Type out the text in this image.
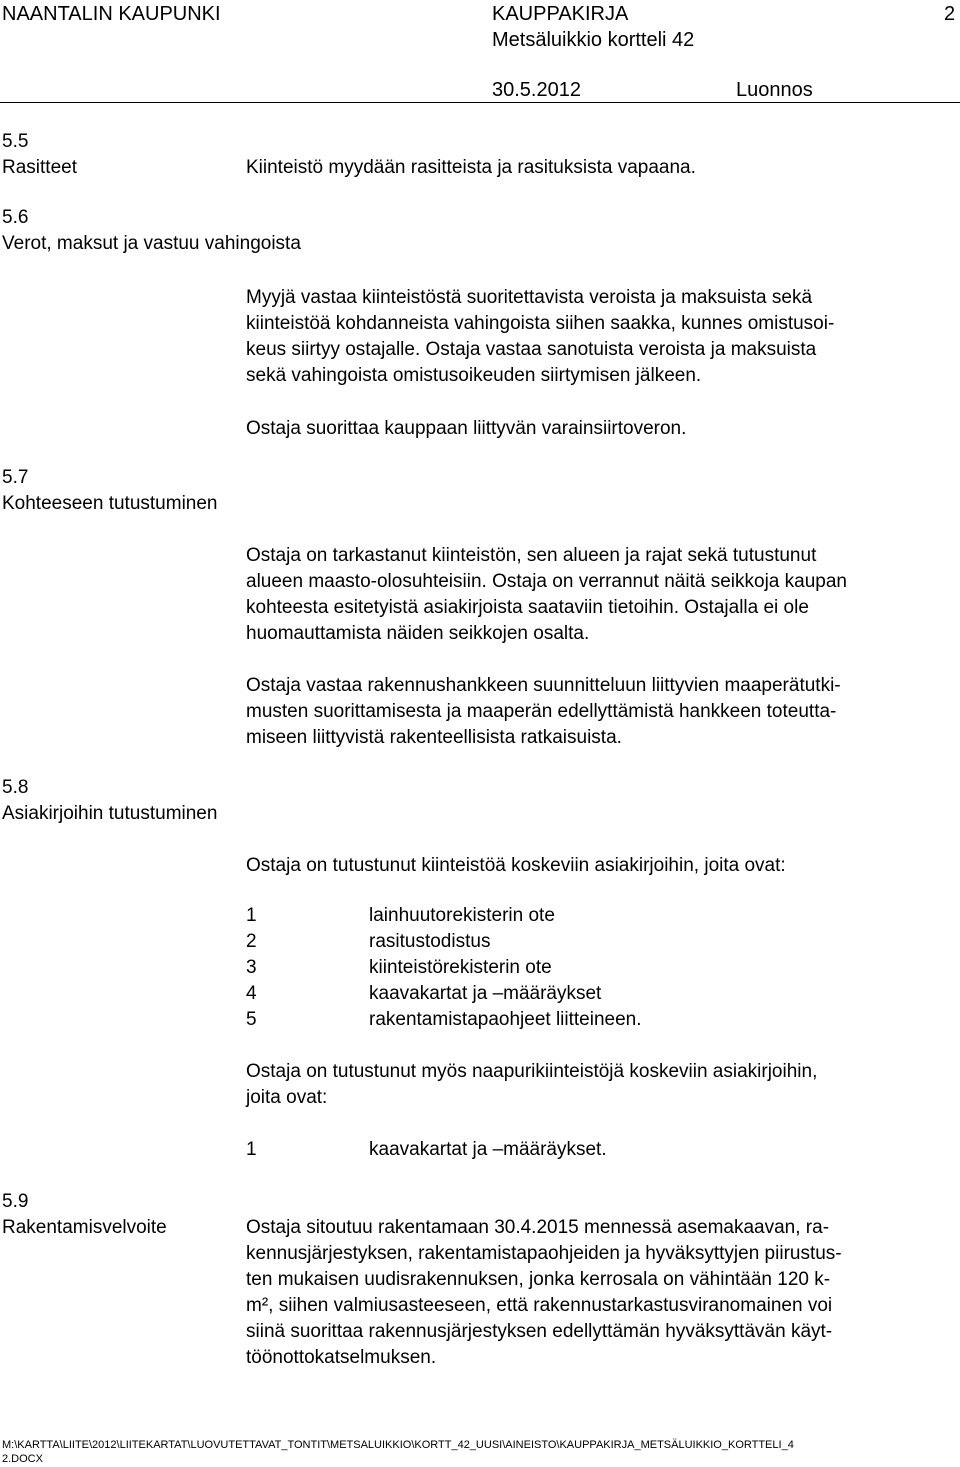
NAANTALIN KAUPUNKI	KAUPPAKIRJA	2
Metsäluikkio kortteli 42
30.5.2012	Luonnos
5.5
Rasitteet	Kiinteistö myydään rasitteista ja rasituksista vapaana.
5.6
Verot, maksut ja vastuu vahingoista
Myyjä vastaa kiinteistöstä suoritettavista veroista ja maksuista sekä
kiinteistöä kohdanneista vahingoista siihen saakka, kunnes omistusoi-
keus siirtyy ostajalle. Ostaja vastaa sanotuista veroista ja maksuista
sekä vahingoista omistusoikeuden siirtymisen jälkeen.
Ostaja suorittaa kauppaan liittyvän varainsiirtoveron.
5.7
Kohteeseen tutustuminen
Ostaja on tarkastanut kiinteistön, sen alueen ja rajat sekä tutustunut
alueen maasto-olosuhteisiin. Ostaja on verrannut näitä seikkoja kaupan
kohteesta esitetyistä asiakirjoista saataviin tietoihin. Ostajalla ei ole
huomauttamista näiden seikkojen osalta.
Ostaja vastaa rakennushankkeen suunnitteluun liittyvien maaperätutki-
musten suorittamisesta ja maaperän edellyttämistä hankkeen toteutta-
miseen liittyvistä rakenteellisista ratkaisuista.
5.8
Asiakirjoihin tutustuminen
Ostaja on tutustunut kiinteistöä koskeviin asiakirjoihin, joita ovat:
1	lainhuutorekisterin ote
2	rasitustodistus
3	kiinteistörekisterin ote
4	kaavakartat ja –määräykset
5	rakentamistapaohjeet liitteineen.
Ostaja on tutustunut myös naapurikiinteistöjä koskeviin asiakirjoihin,
joita ovat:
1	kaavakartat ja –määräykset.
5.9
Rakentamisvelvoite	Ostaja sitoutuu rakentamaan 30.4.2015 mennessä asemakaavan, ra-
kennusjärjestyksen, rakentamistapaohjeiden ja hyväksyttyjen piirustus-
ten mukaisen uudisrakennuksen, jonka kerrosala on vähintään 120 k-
m², siihen valmiusasteeseen, että rakennustarkastusviranomainen voi
siinä suorittaa rakennusjärjestyksen edellyttämän hyväksyttävän käyt-
töönottokatselmuksen.
M:\KARTTA\LIITE\2012\LIITEKARTAT\LUOVUTETTAVAT_TONTIT\METSALUIKKIO\KORTT_42_UUSI\AINEISTO\KAUPPAKIRJA_METSÄLUIKKIO_KORTTELI_4
2.DOCX
